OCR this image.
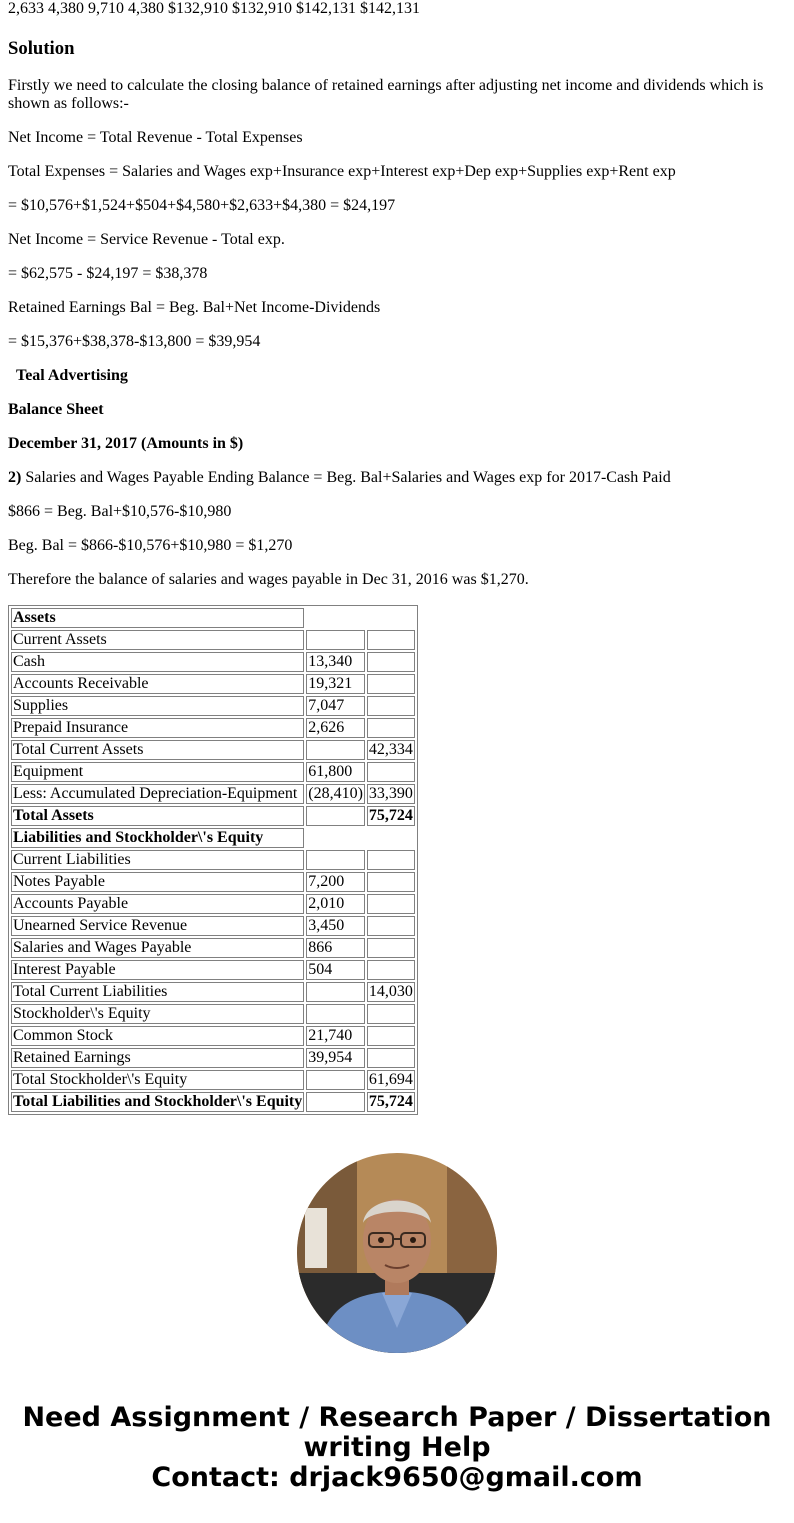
2,633 4,380 9,710 4,380 $132,910 $132,910 $142,131 $142,131

Solution

Firstly we need to calculate the closing balance of retained earnings after adjusting net income and dividends which is shown as follows:-

Net Income = Total Revenue - Total Expenses

Total Expenses = Salaries and Wages exp+Insurance exp+Interest exp+Dep exp+Supplies exp+Rent exp

= $10,576+$1,524+$504+$4,580+$2,633+$4,380 = $24,197

Net Income = Service Revenue - Total exp.

= $62,575 - $24,197 = $38,378

Retained Earnings Bal = Beg. Bal+Net Income-Dividends

= $15,376+$38,378-$13,800 = $39,954

Teal Advertising

Balance Sheet

December 31, 2017 (Amounts in $)

2) Salaries and Wages Payable Ending Balance = Beg. Bal+Salaries and Wages exp for 2017-Cash Paid

$866 = Beg. Bal+$10,576-$10,980

Beg. Bal = $866-$10,576+$10,980 = $1,270

Therefore the balance of salaries and wages payable in Dec 31, 2016 was $1,270.

Assets		
Current Assets		
Cash	13,340	
Accounts Receivable	19,321	
Supplies	7,047	
Prepaid Insurance	2,626	
Total Current Assets		42,334
Equipment	61,800	
Less: Accumulated Depreciation-Equipment	(28,410)	33,390
Total Assets		75,724
Liabilities and Stockholder\'s Equity		
Current Liabilities		
Notes Payable	7,200	
Accounts Payable	2,010	
Unearned Service Revenue	3,450	
Salaries and Wages Payable	866	
Interest Payable	504	
Total Current Liabilities		14,030
Stockholder\'s Equity		
Common Stock	21,740	
Retained Earnings	39,954	
Total Stockholder\'s Equity		61,694
Total Liabilities and Stockholder\'s Equity		75,724
Need Assignment / Research Paper / Dissertation
writing Help
Contact: drjack9650@gmail.com
